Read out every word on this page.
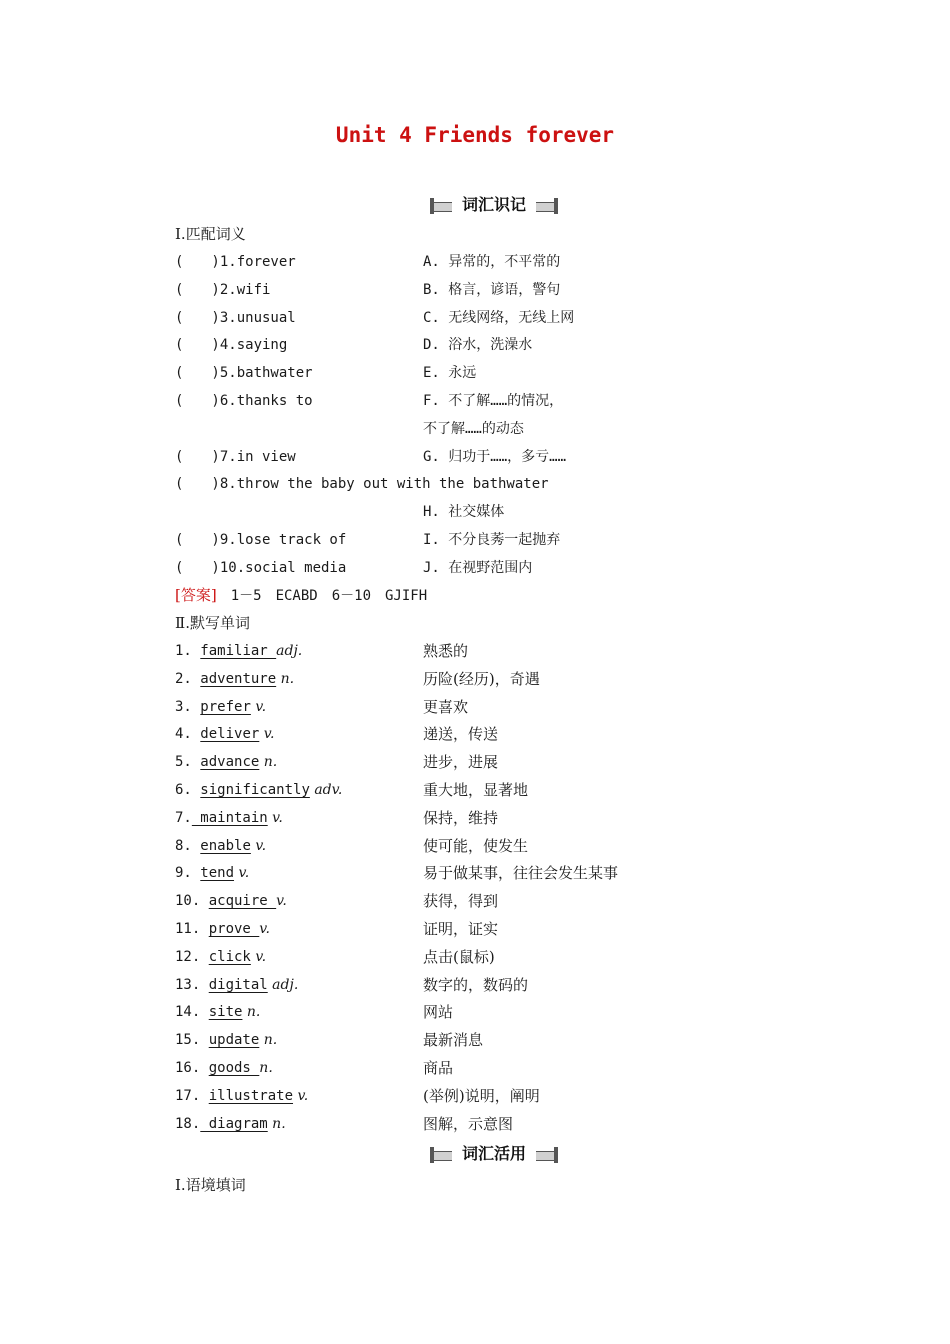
Unit 4 Friends forever
词汇识记
Ⅰ.匹配词义
(　　)1.forever	A. 异常的，不平常的
(　　)2.wifi	B. 格言，谚语，警句
(　　)3.unusual	C. 无线网络，无线上网
(　　)4.saying	D. 浴水，洗澡水
(　　)5.bathwater	E. 永远
(　　)6.thanks to	F. 不了解……的情况，
不了解……的动态
(　　)7.in view	G. 归功于……，多亏……
(　　)8.throw the baby out with the bathwater
H. 社交媒体
(　　)9.lose track of	I. 不分良莠一起抛弃
(　　)10.social media	J. 在视野范围内
[答案]　1－5　ECABD　6－10　GJIFH
Ⅱ.默写单词
1. familiar adj.	熟悉的
2. adventure n.	历险(经历)，奇遇
3. prefer v.	更喜欢
4. deliver v.	递送，传送
5. advance n.	进步，进展
6. significantly adv.	重大地，显著地
7. maintain v.	保持，维持
8. enable v.	使可能，使发生
9. tend v.	易于做某事，往往会发生某事
10. acquire v.	获得，得到
11. prove v.	证明，证实
12. click v.	点击(鼠标)
13. digital adj.	数字的，数码的
14. site n.	网站
15. update n.	最新消息
16. goods n.	商品
17. illustrate v.	(举例)说明，阐明
18. diagram n.	图解，示意图
词汇活用
Ⅰ.语境填词
